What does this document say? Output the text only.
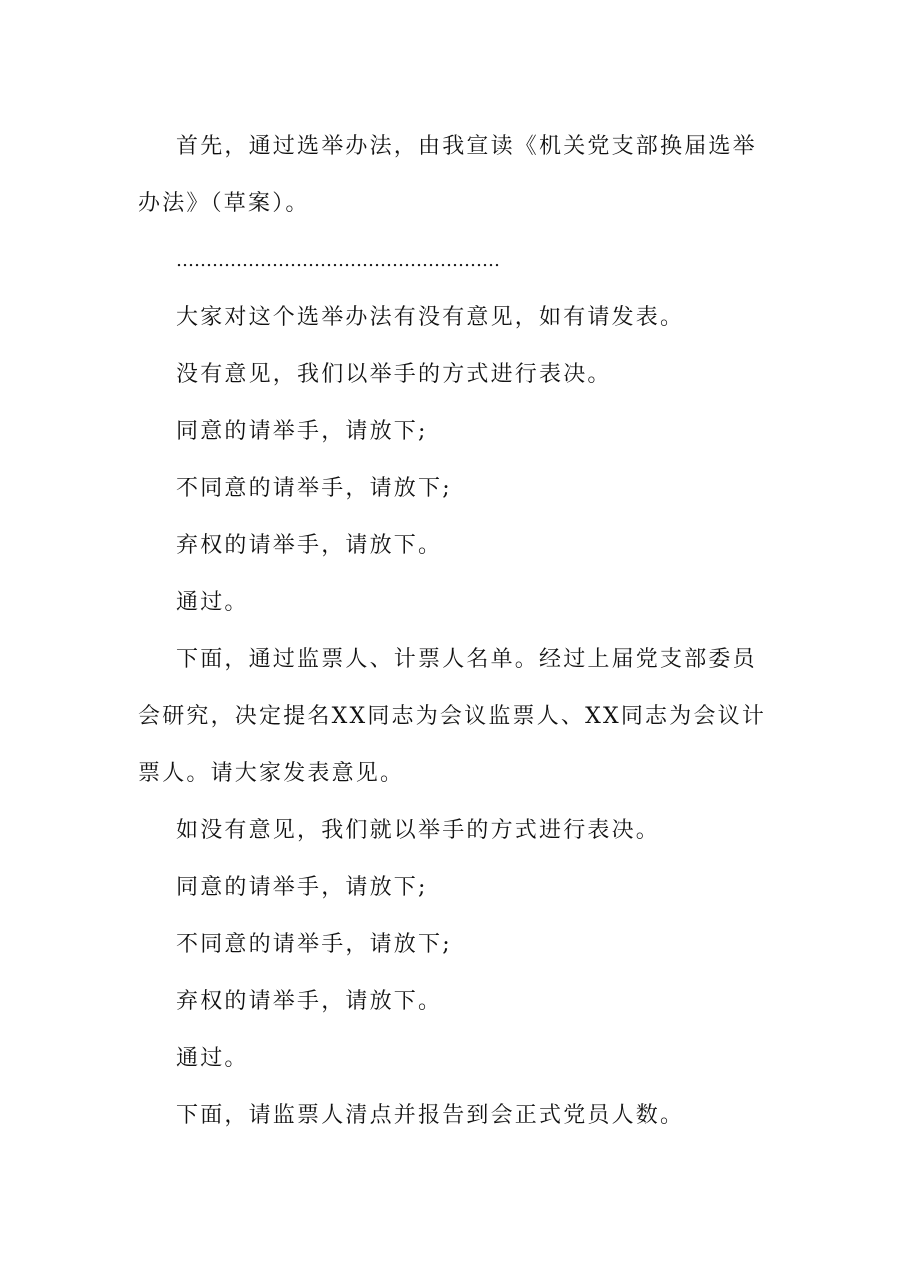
首先，通过选举办法，由我宣读《机关党支部换届选举办法》（草案）。

………………………………………………

大家对这个选举办法有没有意见，如有请发表。

没有意见，我们以举手的方式进行表决。

同意的请举手，请放下;

不同意的请举手，请放下;

弃权的请举手，请放下。

通过。

下面，通过监票人、计票人名单。经过上届党支部委员会研究，决定提名XX同志为会议监票人、XX同志为会议计票人。请大家发表意见。

如没有意见，我们就以举手的方式进行表决。

同意的请举手，请放下;

不同意的请举手，请放下;

弃权的请举手，请放下。

通过。

下面，请监票人清点并报告到会正式党员人数。
